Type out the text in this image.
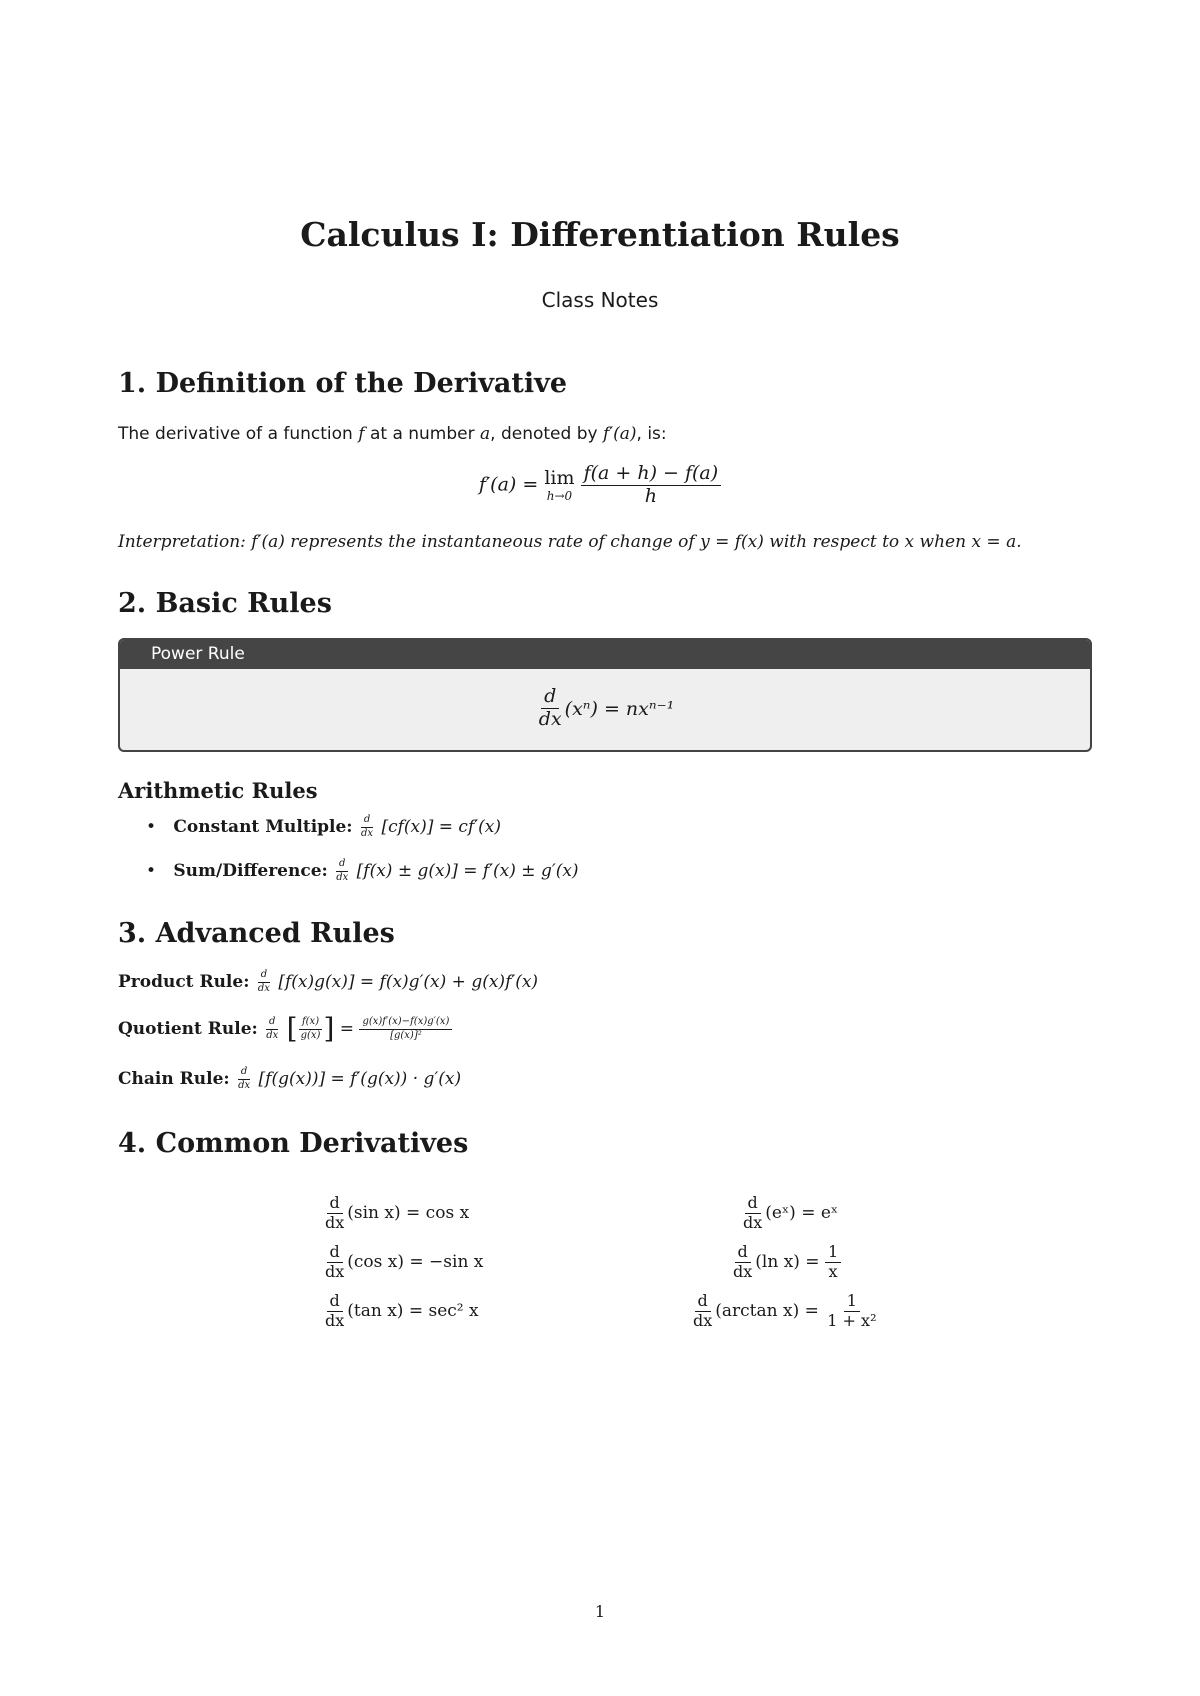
Calculus I: Differentiation Rules
Class Notes
1. Definition of the Derivative
The derivative of a function f at a number a, denoted by f′(a), is:
f′(a) = lim
h→0
$\frac{f(a + h) - f(a)}{h}$
Interpretation: f′(a) represents the instantaneous rate of change of y = f(x) with respect to x when x = a.
2. Basic Rules
Power Rule
$\frac{d}{dx} (x^n) = nx^{n-1}$
Arithmetic Rules
• Constant Multiple: $\frac{d}{dx} [cf(x)] = cf'(x)$
• Sum/Difference: $\frac{d}{dx} [f(x) \pm g(x)] = f'(x) \pm g'(x)$
3. Advanced Rules
Product Rule: $\frac{d}{dx} [f(x)g(x)] = f(x)g'(x) + g(x)f'(x)$
Quotient Rule: $\frac{d}{dx}$ [ $\frac{f(x)}{g(x)}$ ] = $\frac{g(x)f'(x)-f(x)g'(x)}{\text{[g(x)]²}}$
Chain Rule: $\frac{d}{dx} [f(g(x))] = f'(g(x)) \cdot g'(x)$
4. Common Derivatives
$\frac{d}{dx} (\sin$ x) = cos x
$\frac{d}{dx} (\cos$ x) = −sin x
$\frac{d}{dx} (\tan$ x) = sec² x
$\frac{d}{dx}$ (eˣ) = eˣ
$\frac{d}{dx} (\ln$ x) =
$\frac{1}{x}$
$\frac{d}{dx} (\arctan$ x) =
$\frac{1}{\text{1 + x²}}$
1
